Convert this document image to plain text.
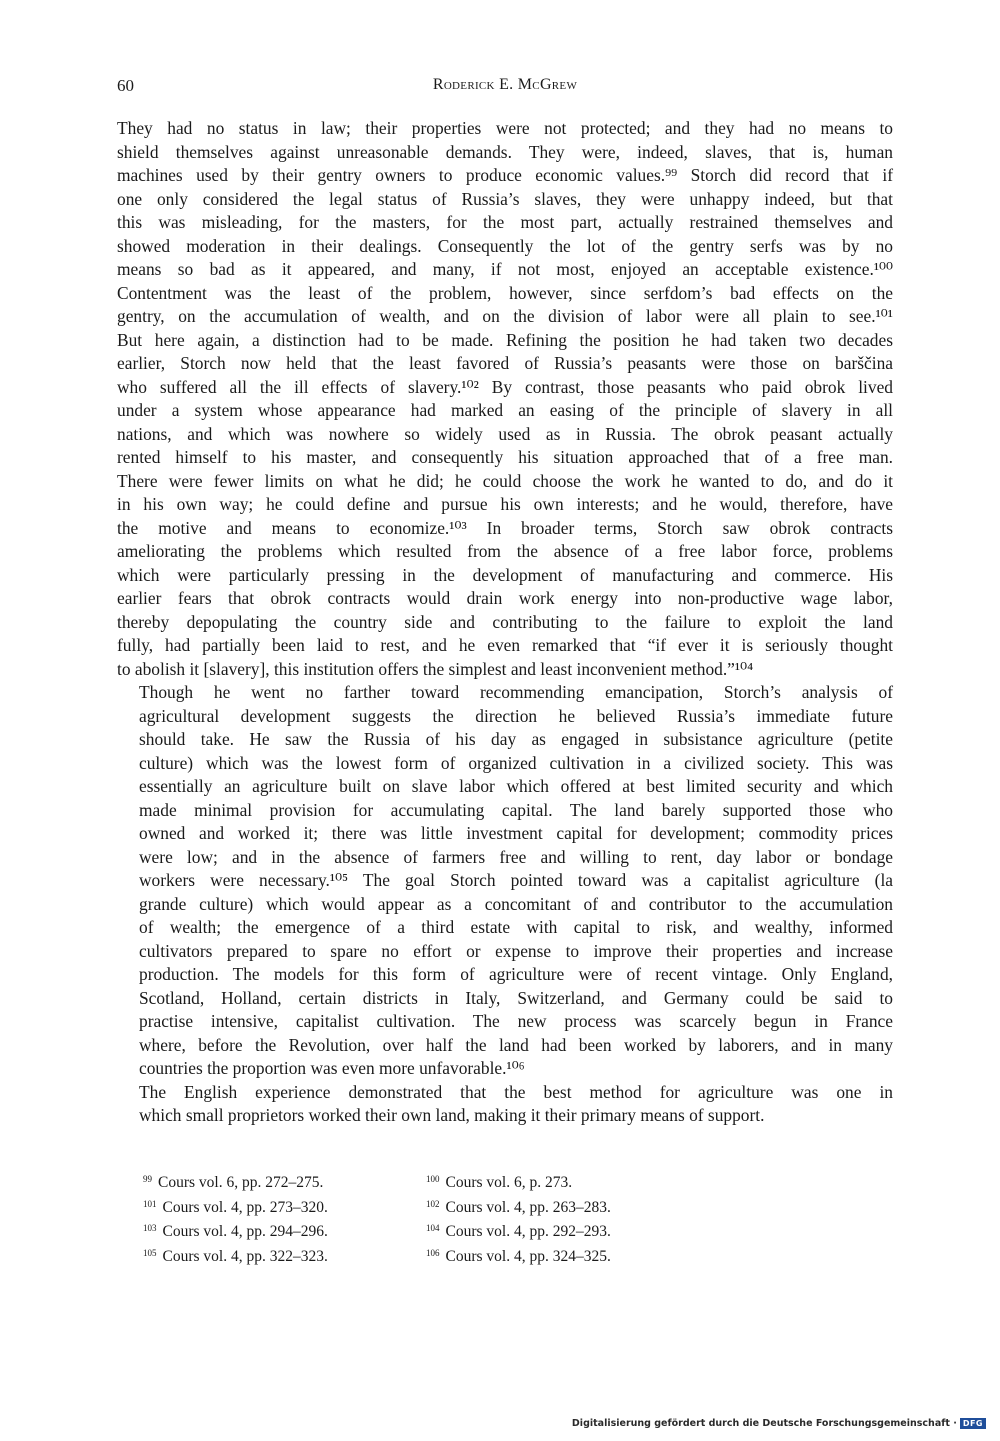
60	Roderick E. McGrew

They had no status in law; their properties were not protected; and they had no means to
shield themselves against unreasonable demands. They were, indeed, slaves, that is, human
machines used by their gentry owners to produce economic values.⁹⁹ Storch did record that if
one only considered the legal status of Russia’s slaves, they were unhappy indeed, but that
this was misleading, for the masters, for the most part, actually restrained themselves and
showed moderation in their dealings. Consequently the lot of the gentry serfs was by no
means so bad as it appeared, and many, if not most, enjoyed an acceptable existence.¹⁰⁰
Contentment was the least of the problem, however, since serfdom’s bad effects on the
gentry, on the accumulation of wealth, and on the division of labor were all plain to see.¹⁰¹
But here again, a distinction had to be made. Refining the position he had taken two decades
earlier, Storch now held that the least favored of Russia’s peasants were those on barščina
who suffered all the ill effects of slavery.¹⁰² By contrast, those peasants who paid obrok lived
under a system whose appearance had marked an easing of the principle of slavery in all
nations, and which was nowhere so widely used as in Russia. The obrok peasant actually
rented himself to his master, and consequently his situation approached that of a free man.
There were fewer limits on what he did; he could choose the work he wanted to do, and do it
in his own way; he could define and pursue his own interests; and he would, therefore, have
the motive and means to economize.¹⁰³ In broader terms, Storch saw obrok contracts
ameliorating the problems which resulted from the absence of a free labor force, problems
which were particularly pressing in the development of manufacturing and commerce. His
earlier fears that obrok contracts would drain work energy into non-productive wage labor,
thereby depopulating the country side and contributing to the failure to exploit the land
fully, had partially been laid to rest, and he even remarked that “if ever it is seriously thought
to abolish it [slavery], this institution offers the simplest and least inconvenient method.”¹⁰⁴

Though he went no farther toward recommending emancipation, Storch’s analysis of
agricultural development suggests the direction he believed Russia’s immediate future
should take. He saw the Russia of his day as engaged in subsistance agriculture (petite
culture) which was the lowest form of organized cultivation in a civilized society. This was
essentially an agriculture built on slave labor which offered at best limited security and which
made minimal provision for accumulating capital. The land barely supported those who
owned and worked it; there was little investment capital for development; commodity prices
were low; and in the absence of farmers free and willing to rent, day labor or bondage
workers were necessary.¹⁰⁵ The goal Storch pointed toward was a capitalist agriculture (la
grande culture) which would appear as a concomitant of and contributor to the accumulation
of wealth; the emergence of a third estate with capital to risk, and wealthy, informed
cultivators prepared to spare no effort or expense to improve their properties and increase
production. The models for this form of agriculture were of recent vintage. Only England,
Scotland, Holland, certain districts in Italy, Switzerland, and Germany could be said to
practise intensive, capitalist cultivation. The new process was scarcely begun in France
where, before the Revolution, over half the land had been worked by laborers, and in many
countries the proportion was even more unfavorable.¹⁰⁶

The English experience demonstrated that the best method for agriculture was one in
which small proprietors worked their own land, making it their primary means of support.

$^{99}$ Cours vol. 6, pp. 272–275.	$^{100}$ Cours vol. 6, p. 273.
$^{101}$ Cours vol. 4, pp. 273–320.	$^{102}$ Cours vol. 4, pp. 263–283.
$^{103}$ Cours vol. 4, pp. 294–296.	$^{104}$ Cours vol. 4, pp. 292–293.
$^{105}$ Cours vol. 4, pp. 322–323.	$^{106}$ Cours vol. 4, pp. 324–325.
Digitalisierung gefördert durch die Deutsche Forschungsgemeinschaft · DFG
